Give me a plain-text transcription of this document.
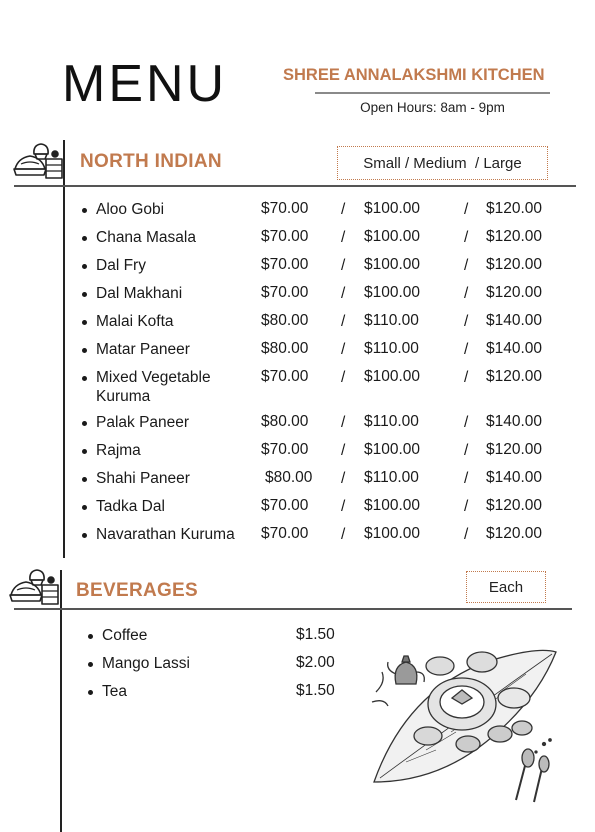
MENU	SHREE ANNALAKSHMI KITCHEN
Open Hours: 8am - 9pm
NORTH INDIAN	Small / Medium  / Large
Aloo Gobi	$70.00 / $100.00	/ $120.00
Chana Masala	$70.00 / $100.00	/ $120.00
Dal Fry	$70.00 / $100.00	/ $120.00
Dal Makhani	$70.00 / $100.00	/ $120.00
Malai Kofta	$80.00 / $110.00	/ $140.00
Matar Paneer	$80.00 / $110.00	/ $140.00
Mixed Vegetable Kuruma
$70.00 / $100.00	/ $120.00
Palak Paneer	$80.00 / $110.00	/ $140.00
Rajma	$70.00 / $100.00	/ $120.00
Shahi Paneer	$80.00 / $110.00	/ $140.00
Tadka Dal	$70.00 / $100.00	/ $120.00
Navarathan Kuruma	$70.00 / $100.00	/ $120.00
BEVERAGES	Each
Coffee	$1.50
Mango Lassi	$2.00
Tea	$1.50
